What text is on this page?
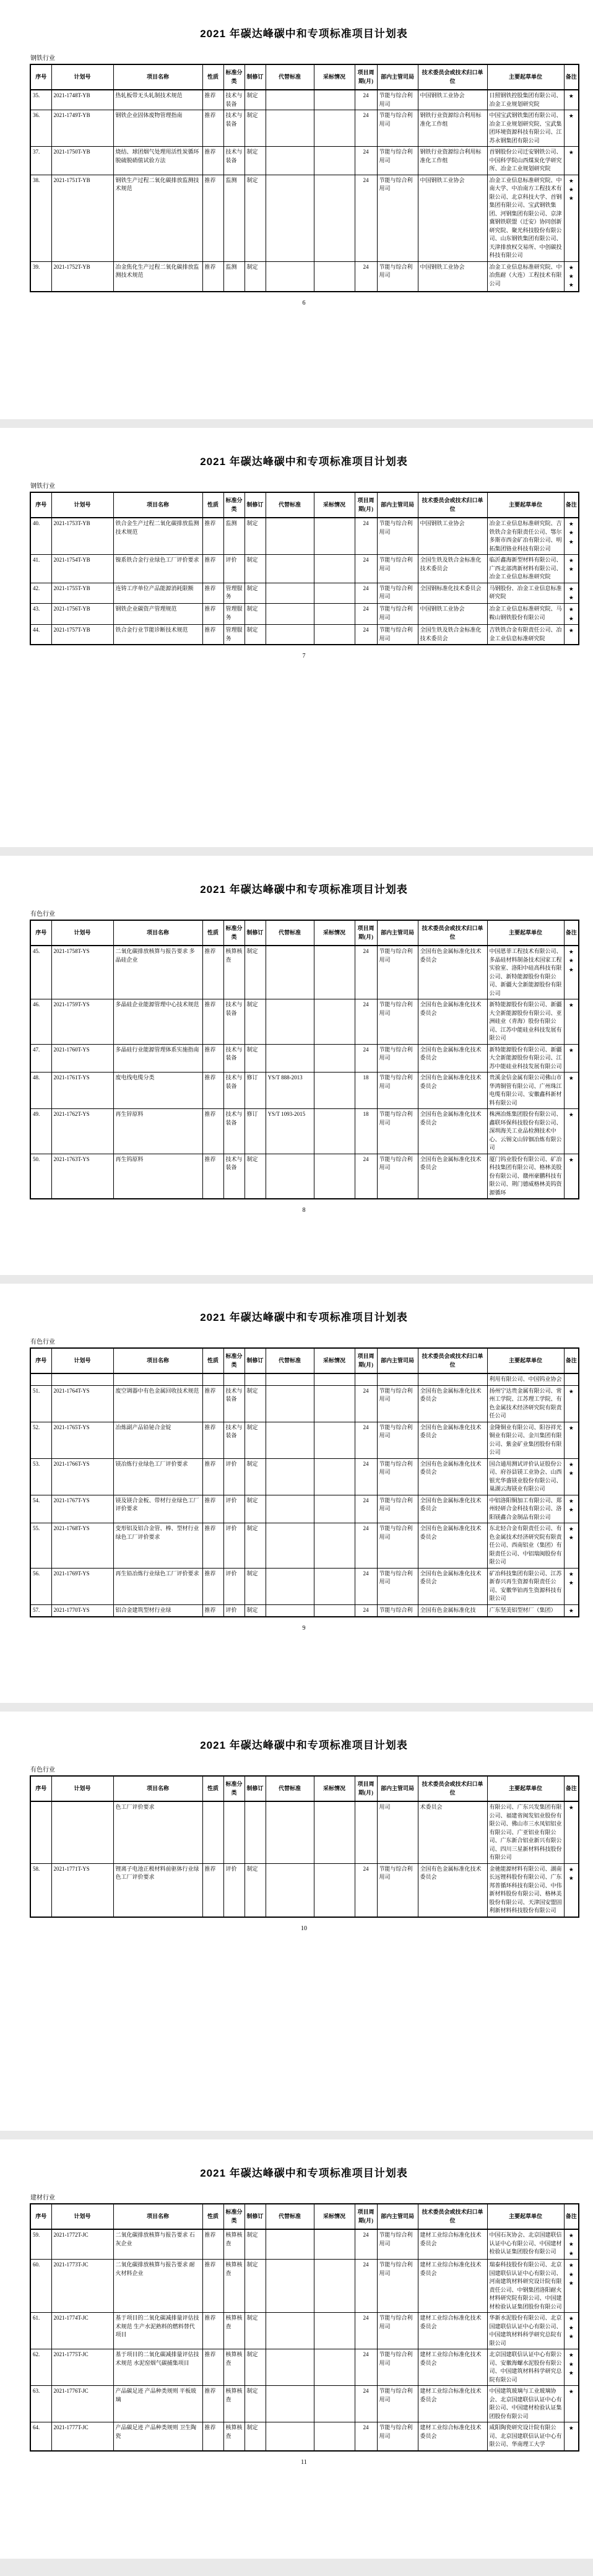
2021 年碳达峰碳中和专项标准项目计划表
钢铁行业
序号	计划号	项目名称	性质	标准分类	制修订	代替标准	采标情况	项目周期(月)	部内主管司局	技术委员会或技术归口单位	主要起草单位	备注
35.	2021-1748T-YB	热轧板带无头轧制技术规范	推荐	技术与装备	制定			24	节能与综合利用司	中国钢铁工业协会	日照钢铁控股集团有限公司、冶金工业规划研究院	★
36.	2021-1749T-YB	钢铁企业固体废物管理指南	推荐	技术与装备	制定			24	节能与综合利用司	钢铁行业资源综合利用标准化工作组	中国宝武钢铁集团有限公司、冶金工业规划研究院、宝武集团环境资源科技有限公司、江苏永钢集团有限公司	★
37.	2021-1750T-YB	烧结、球团烟气处理用活性炭循环脱硫脱硝值试验方法	推荐	技术与装备	制定			24	节能与综合利用司	钢铁行业资源综合利用标准化工作组	首钢股份公司迁安钢铁公司、中国科学院山西煤炭化学研究所、冶金工业规划研究院	★
38.	2021-1751T-YB	钢铁生产过程二氧化碳排放监测技术规范	推荐	监测	制定			24	节能与综合利用司	中国钢铁工业协会	冶金工业信息标准研究院、中南大学、中冶南方工程技术有限公司、北京科技大学、首钢集团有限公司、宝武钢铁集团、河钢集团有限公司、京津冀钢铁联盟（迁安）协同创新研究院、聚光科技股份有限公司、山东钢铁集团有限公司、天津排放权交易所、中创碳投科技有限公司	★★★
39.	2021-1752T-YB	冶金焦化生产过程二氧化碳排放监测技术规范	推荐	监测	制定			24	节能与综合利用司	中国钢铁工业协会	冶金工业信息标准研究院、中冶焦耐（大连）工程技术有限公司	★★★
6
2021 年碳达峰碳中和专项标准项目计划表
钢铁行业
序号	计划号	项目名称	性质	标准分类	制修订	代替标准	采标情况	项目周期(月)	部内主管司局	技术委员会或技术归口单位	主要起草单位	备注
40.	2021-1753T-YB	铁合金生产过程二氧化碳排放监测技术规范	推荐	监测	制定			24	节能与综合利用司	中国钢铁工业协会	冶金工业信息标准研究院、吉铁铁合金有限责任公司、鄂尔多斯市西金矿冶有限公司、明拓集团铬业科技有限公司	★★★
41.	2021-1754T-YB	镍系铁合金行业绿色工厂评价要求	推荐	评价	制定			24	节能与综合利用司	全国生铁及铁合金标准化技术委员会	临沂鑫海新型材料有限公司、广西北部湾新材料有限公司、冶金工业信息标准研究院	★★
42.	2021-1755T-YB	连铸工序单位产品能源消耗限额	推荐	管理服务	制定			24	节能与综合利用司	全国钢标准化技术委员会	马钢股份、冶金工业信息标准研究院	★★
43.	2021-1756T-YB	钢铁企业碳资产管理规范	推荐	管理服务	制定			24	节能与综合利用司	中国钢铁工业协会	冶金工业信息标准研究院、马鞍山钢铁股份有限公司	★★
44.	2021-1757T-YB	铁合金行业节能诊断技术规范	推荐	管理服务	制定			24	节能与综合利用司	全国生铁及铁合金标准化技术委员会	吉铁铁合金有限责任公司、冶金工业信息标准研究院	★
7
2021 年碳达峰碳中和专项标准项目计划表
有色行业
序号	计划号	项目名称	性质	标准分类	制修订	代替标准	采标情况	项目周期(月)	部内主管司局	技术委员会或技术归口单位	主要起草单位	备注
45.	2021-1758T-YS	二氧化碳排放核算与报告要求 多晶硅企业	推荐	核算核查	制定			24	节能与综合利用司	全国有色金属标准化技术委员会	中国恩菲工程技术有限公司、多晶硅材料制备技术国家工程实验室、洛阳中硅高科技有限公司、新特能源股份有限公司、新疆大全新能源股份有限公司	★★★
46.	2021-1759T-YS	多晶硅企业能源管理中心技术规范	推荐	技术与装备	制定			24	节能与综合利用司	全国有色金属标准化技术委员会	新特能源股份有限公司、新疆大全新能源股份有限公司、亚洲硅业（青海）股份有限公司、江苏中能硅业科技发展有限公司	★
47.	2021-1760T-YS	多晶硅行业能源管理体系实施指南	推荐	技术与装备	制定			24	节能与综合利用司	全国有色金属标准化技术委员会	新特能源股份有限公司、新疆大全新能源股份有限公司、江苏中能硅业科技发展有限公司	★
48.	2021-1761T-YS	废电线电缆分类	推荐	技术与装备	修订	YS/T 888-2013		18	节能与综合利用司	全国有色金属标准化技术委员会	贵溪金信金属有限公司佛山市华鸿铜管有限公司、广州珠江电缆有限公司、安徽鑫科新材料有限公司	★
49.	2021-1762T-YS	再生锌原料	推荐	技术与装备	修订	YS/T 1093-2015		18	节能与综合利用司	全国有色金属标准化技术委员会	株洲冶炼集团股份有限公司、鑫联环保科技股份有限公司、深圳海关工业品检测技术中心、云锡文山锌铟冶炼有限公司	★
50.	2021-1763T-YS	再生钨原料	推荐	技术与装备	制定			24	节能与综合利用司	全国有色金属标准化技术委员会	厦门钨业股份有限公司、矿冶科技集团有限公司、格林美股份有限公司、赣州豪鹏科技有限公司、荆门德威格林美钨资源循环	★
8
2021 年碳达峰碳中和专项标准项目计划表
有色行业
序号	计划号	项目名称	性质	标准分类	制修订	代替标准	采标情况	项目周期(月)	部内主管司局	技术委员会或技术归口单位	主要起草单位	备注
											利用有限公司、中国钨业协会	
51.	2021-1764T-YS	废空调器中有色金属回收技术规范	推荐	技术与装备	制定			24	节能与综合利用司	全国有色金属标准化技术委员会	扬州宁达贵金属有限公司、常州工学院、江苏理工学院、有色金属技术经济研究院有限责任公司	★
52.	2021-1765T-YS	冶炼副产品铅铋合金锭	推荐	技术与装备	制定			24	节能与综合利用司	全国有色金属标准化技术委员会	金隆铜业有限公司、阳谷祥光铜业有限公司、金川集团有限公司、紫金矿业集团股份有限公司	★
53.	2021-1766T-YS	镁冶炼行业绿色工厂评价要求	推荐	评价	制定			24	节能与综合利用司	全国有色金属标准化技术委员会	国合通用测试评价认证股份公司、府谷县镁工业协会、山西银光华盛镁业股份有限公司、巢湖云海镁业有限公司	★★
54.	2021-1767T-YS	镁及镁合金板、带材行业绿色工厂评价要求	推荐	评价	制定			24	节能与综合利用司	全国有色金属标准化技术委员会	中铝洛阳铜加工有限公司、郑州轻研合金科技有限公司、洛阳镁鑫合金制品有限公司	★★
55.	2021-1768T-YS	变形铝及铝合金管、棒、型材行业绿色工厂评价要求	推荐	评价	制定			24	节能与综合利用司	全国有色金属标准化技术委员会	东北轻合金有限责任公司、有色金属技术经济研究院有限责任公司、西南铝业（集团）有限责任公司、中铝瑞闽股份有限公司	★★
56.	2021-1769T-YS	再生铅冶炼行业绿色工厂评价要求	推荐	评价	制定			24	节能与综合利用司	全国有色金属标准化技术委员会	矿冶科技集团有限公司、江苏新春兴再生资源有限责任公司、安徽华铂再生资源科技有限公司	★★
57.	2021-1770T-YS	铝合金建筑型材行业绿	推荐	评价	制定			24	节能与综合利	全国有色金属标准化技	广东坚美铝型材厂（集团）	★
9
2021 年碳达峰碳中和专项标准项目计划表
有色行业
序号	计划号	项目名称	性质	标准分类	制修订	代替标准	采标情况	项目周期(月)	部内主管司局	技术委员会或技术归口单位	主要起草单位	备注
		色工厂评价要求							用司	术委员会	有限公司、广东兴发集团有限公司、福建省闽发铝业股份有限公司、佛山市三水凤铝铝业有限公司、广亚铝业有限公司、广东新合铝业新兴有限公司、四川三星新材料科技股份有限公司	★
58.	2021-1771T-YS	锂离子电池正极材料前驱体行业绿色工厂评价要求	推荐	评价	制定			24	节能与综合利用司	全国有色金属标准化技术委员会	金驰能源材料有限公司、湖南长远锂科股份有限公司、广东邦普循环科技有限公司、中伟新材料股份有限公司、格林美股份有限公司、天津国安盟固利新材料科技股份有限公司	★★
10
2021 年碳达峰碳中和专项标准项目计划表
建材行业
序号	计划号	项目名称	性质	标准分类	制修订	代替标准	采标情况	项目周期(月)	部内主管司局	技术委员会或技术归口单位	主要起草单位	备注
59.	2021-1772T-JC	二氧化碳排放核算与报告要求 石灰企业	推荐	核算核查	制定			24	节能与综合利用司	建材工业综合标准化技术委员会	中国石灰协会、北京国建联信认证中心有限公司、中国建材检验认证集团股份有限公司	★★★
60.	2021-1773T-JC	二氧化碳排放核算与报告要求 耐火材料企业	推荐	核算核查	制定			24	节能与综合利用司	建材工业综合标准化技术委员会	瑞泰科技股份有限公司、北京国建联信认证中心有限公司、河南建筑材料研究设计院有限责任公司、中钢集团洛阳耐火材料研究院有限公司、中国建材检验认证集团股份有限公司	★★★
61.	2021-1774T-JC	基于项目的二氧化碳减排量评估技术规范 生产水泥熟料的燃料替代项目	推荐	核算核查	制定			24	节能与综合利用司	建材工业综合标准化技术委员会	华新水泥股份有限公司、北京国建联信认证中心有限公司、中国建筑材料科学研究总院有限公司	★★★
62.	2021-1775T-JC	基于项目的二氧化碳减排量评估技术规范 水泥窑烟气碳捕集项目	推荐	核算核查	制定			24	节能与综合利用司	建材工业综合标准化技术委员会	北京国建联信认证中心有限公司、安徽海螺水泥股份有限公司、中国建筑材料科学研究总院有限公司	★★★
63.	2021-1776T-JC	产品碳足迹 产品种类规则 平板玻璃	推荐	核算核查	制定			24	节能与综合利用司	建材工业综合标准化技术委员会	中国建筑玻璃与工业玻璃协会、北京国建联信认证中心有限公司、中国建材检验认证集团股份有限公司	★
64.	2021-1777T-JC	产品碳足迹 产品种类规则 卫生陶瓷	推荐	核算核查	制定			24	节能与综合利用司	建材工业综合标准化技术委员会	咸阳陶瓷研究设计院有限公司、北京国建联信认证中心有限公司、华南理工大学	★
11
